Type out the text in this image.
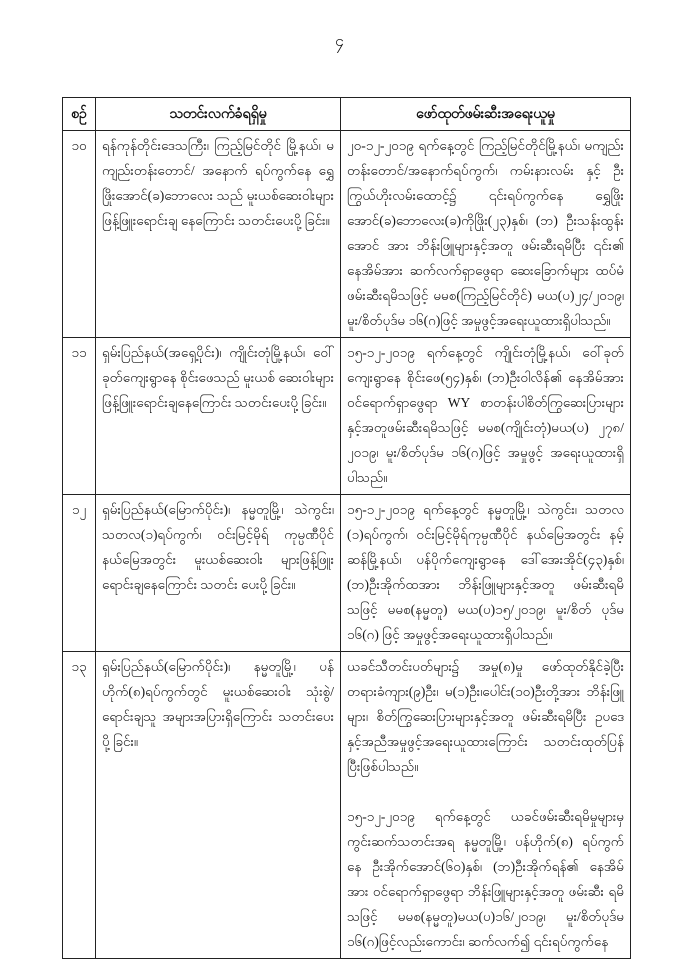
၄
စဉ်	သတင်းလက်ခံရရှိမှု	ဖော်ထုတ်ဖမ်းဆီးအရေးယူမှု
၁၀	ရန်ကုန်တိုင်းဒေသကြီး၊ ကြည့်မြင်တိုင် မြို့နယ်၊ မကျည်းတန်းတောင်/ အနောက် ရပ်ကွက်နေ ရွှေဖြိုးအောင်(ခ)ဘောလေး သည် မူးယစ်ဆေးဝါးများ ဖြန့်ဖြူးရောင်းချ နေကြောင်း သတင်းပေးပို့ခြင်း။	၂၀-၁၂-၂၀၁၉ ရက်နေ့တွင် ကြည့်မြင်တိုင်မြို့နယ်၊ မကျည်းတန်းတောင်/အနောက်ရပ်ကွက်၊ ကမ်းနားလမ်း နှင့် ဦးကြွယ်ဟိုးလမ်းထောင့်၌ ၎င်းရပ်ကွက်နေ ရွှေဖြိုး အောင်(ခ)ဘောလေး(ခ)ကိုဖြိုး(၂၃)နှစ်၊ (ဘ) ဦးသန်းထွန်း အောင် အား ဘိန်းဖြူများနှင့်အတူ ဖမ်းဆီးရမိပြီး ၎င်း၏ နေအိမ်အား ဆက်လက်ရှာဖွေရာ ဆေးခြောက်များ ထပ်မံ ဖမ်းဆီးရမိသဖြင့် မမစ(ကြည့်မြင်တိုင်) မယ(ပ)၂၄/၂၀၁၉၊ မူး/စိတ်ပုဒ်မ ၁၆(ဂ)ဖြင့် အမှုဖွင့်အရေးယူထားရှိပါသည်။

၁၁	ရှမ်းပြည်နယ်(အရှေ့ပိုင်း)၊ ကျိုင်းတုံမြို့နယ်၊ ဝေါ်ခုတ်ကျေးရွာနေ စိုင်းဖေသည် မူးယစ် ဆေးဝါးများ ဖြန့်ဖြူးရောင်းချနေကြောင်း သတင်းပေးပို့ခြင်း။	၁၅-၁၂-၂၀၁၉ ရက်နေ့တွင် ကျိုင်းတုံမြို့နယ်၊ ဝေါ်ခုတ် ကျေးရွာနေ စိုင်းဖေ(၅၄)နှစ်၊ (ဘ)ဦးဝါလိန်၏ နေအိမ်အား ဝင်ရောက်ရှာဖွေရာ WY စာတန်းပါစိတ်ကြွဆေးပြားများ နှင့်အတူဖမ်းဆီးရမိသဖြင့် မမစ(ကျိုင်းတုံ)မယ(ပ) ၂၇၈/ ၂၀၁၉၊ မူး/စိတ်ပုဒ်မ ၁၆(ဂ)ဖြင့် အမှုဖွင့် အရေးယူထားရှိ ပါသည်။

၁၂	ရှမ်းပြည်နယ်(မြောက်ပိုင်း)၊ နမ္မတူမြို့၊ သဲကွင်း၊ သတလ(၁)ရပ်ကွက်၊ ဝင်းမြင့်မိုရ် ကုမ္ပဏီပိုင် နယ်မြေအတွင်း မူးယစ်ဆေးဝါး များဖြန့်ဖြူးရောင်းချနေကြောင်း သတင်း ပေးပို့ခြင်း။	၁၅-၁၂-၂၀၁၉ ရက်နေ့တွင် နမ္မတူမြို့၊ သဲကွင်း၊ သတလ (၁)ရပ်ကွက်၊ ဝင်းမြင့်မိုရ်ကုမ္ပဏီပိုင် နယ်မြေအတွင်း နမ့်ဆန်မြို့နယ်၊ ပန်ပိုက်ကျေးရွာနေ ဒေါ်အေးအိုင်(၄၃)နှစ်၊ (ဘ)ဦးအိုက်ထအား ဘိန်းဖြူများနှင့်အတူ ဖမ်းဆီးရမိ သဖြင့် မမစ(နမ္မတူ) မယ(ပ)၁၅/၂၀၁၉၊ မူး/စိတ် ပုဒ်မ ၁၆(ဂ) ဖြင့် အမှုဖွင့်အရေးယူထားရှိပါသည်။

၁၃	ရှမ်းပြည်နယ်(မြောက်ပိုင်း)၊ နမ္မတူမြို့၊ ပန်ဟိုက်(၈)ရပ်ကွက်တွင် မူးယစ်ဆေးဝါး သုံးစွဲ/ရောင်းချသူ အများအပြားရှိကြောင်း သတင်းပေးပို့ခြင်း။	ယခင်သီတင်းပတ်များ၌ အမှု(၈)မှု ဖော်ထုတ်နိုင်ခဲ့ပြီး တရားခံကျား(၉)ဦး၊ မ(၁)ဦး၊ပေါင်း(၁၀)ဦးတို့အား ဘိန်းဖြူ များ၊ စိတ်ကြွဆေးပြားများနှင့်အတူ ဖမ်းဆီးရမိပြီး ဥပဒေ နှင့်အညီအမှုဖွင့်အရေးယူထားကြောင်း သတင်းထုတ်ပြန် ပြီးဖြစ်ပါသည်။

၁၅-၁၂-၂၀၁၉ ရက်နေ့တွင် ယခင်ဖမ်းဆီးရမိမှုများမှ ကွင်းဆက်သတင်းအရ နမ္မတူမြို့၊ ပန်ဟိုက်(၈) ရပ်ကွက် နေ ဦးအိုက်အောင်(၆၀)နှစ်၊ (ဘ)ဦးအိုက်ရန်၏ နေအိမ် အား ဝင်ရောက်ရှာဖွေရာ ဘိန်းဖြူများနှင့်အတူ ဖမ်းဆီး ရမိသဖြင့် မမစ(နမ္မတူ)မယ(ပ)၁၆/၂၀၁၉၊ မူး/စိတ်ပုဒ်မ ၁၆(ဂ)ဖြင့်လည်းကောင်း၊ ဆက်လက်၍ ၎င်းရပ်ကွက်နေ
